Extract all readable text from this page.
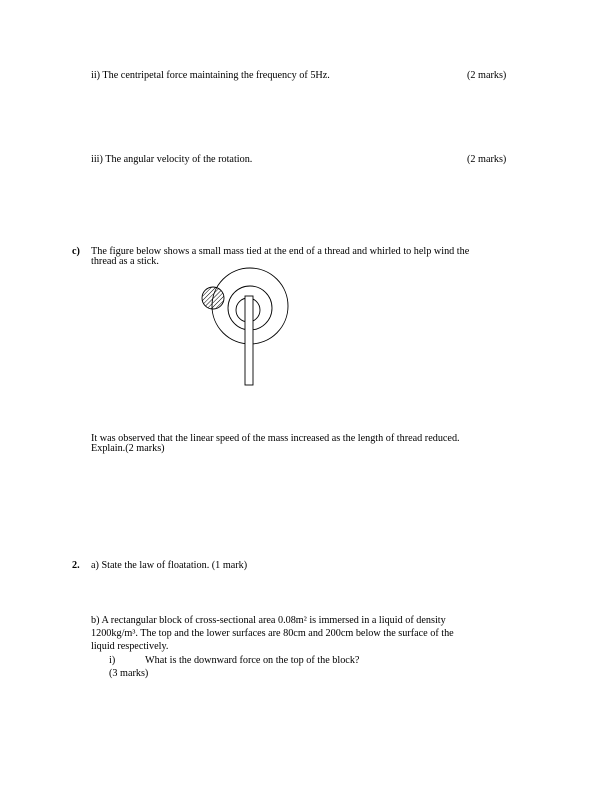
ii) The centripetal force maintaining the frequency of 5Hz.	(2 marks)
iii) The angular velocity of the rotation.	(2 marks)
c) The figure below shows a small mass tied at the end of a thread and whirled to help wind the
thread as a stick.
It was observed that the linear speed of the mass increased as the length of thread reduced.
Explain.(2 marks)
2. a) State the law of floatation. (1 mark)
b) A rectangular block of cross-sectional area 0.08m² is immersed in a liquid of density
1200kg/m³. The top and the lower surfaces are 80cm and 200cm below the surface of the
liquid respectively.
i)	What is the downward force on the top of the block?
(3 marks)
